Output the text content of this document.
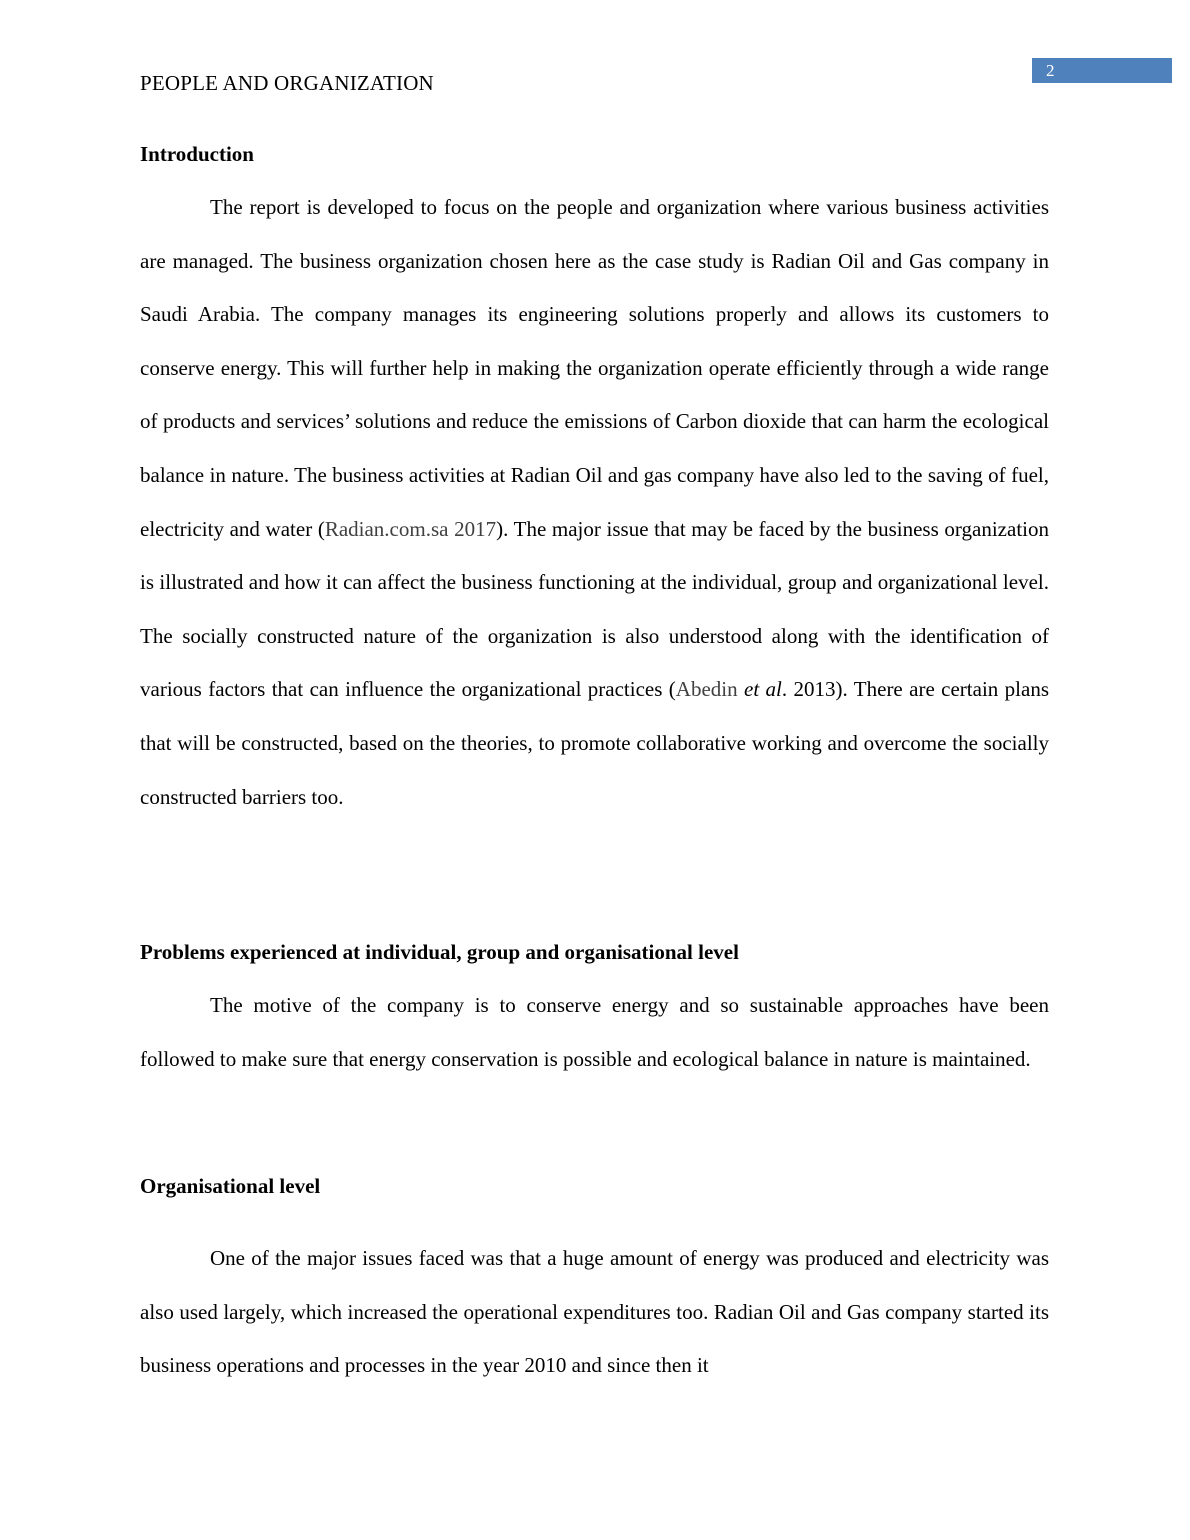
2
PEOPLE AND ORGANIZATION
Introduction

The report is developed to focus on the people and organization where various business activities are managed. The business organization chosen here as the case study is Radian Oil and Gas company in Saudi Arabia. The company manages its engineering solutions properly and allows its customers to conserve energy. This will further help in making the organization operate efficiently through a wide range of products and services’ solutions and reduce the emissions of Carbon dioxide that can harm the ecological balance in nature. The business activities at Radian Oil and gas company have also led to the saving of fuel, electricity and water (Radian.com.sa 2017). The major issue that may be faced by the business organization is illustrated and how it can affect the business functioning at the individual, group and organizational level. The socially constructed nature of the organization is also understood along with the identification of various factors that can influence the organizational practices (Abedin et al. 2013). There are certain plans that will be constructed, based on the theories, to promote collaborative working and overcome the socially constructed barriers too.

Problems experienced at individual, group and organisational level

The motive of the company is to conserve energy and so sustainable approaches have been followed to make sure that energy conservation is possible and ecological balance in nature is maintained.

Organisational level

One of the major issues faced was that a huge amount of energy was produced and electricity was also used largely, which increased the operational expenditures too. Radian Oil and Gas company started its business operations and processes in the year 2010 and since then it
